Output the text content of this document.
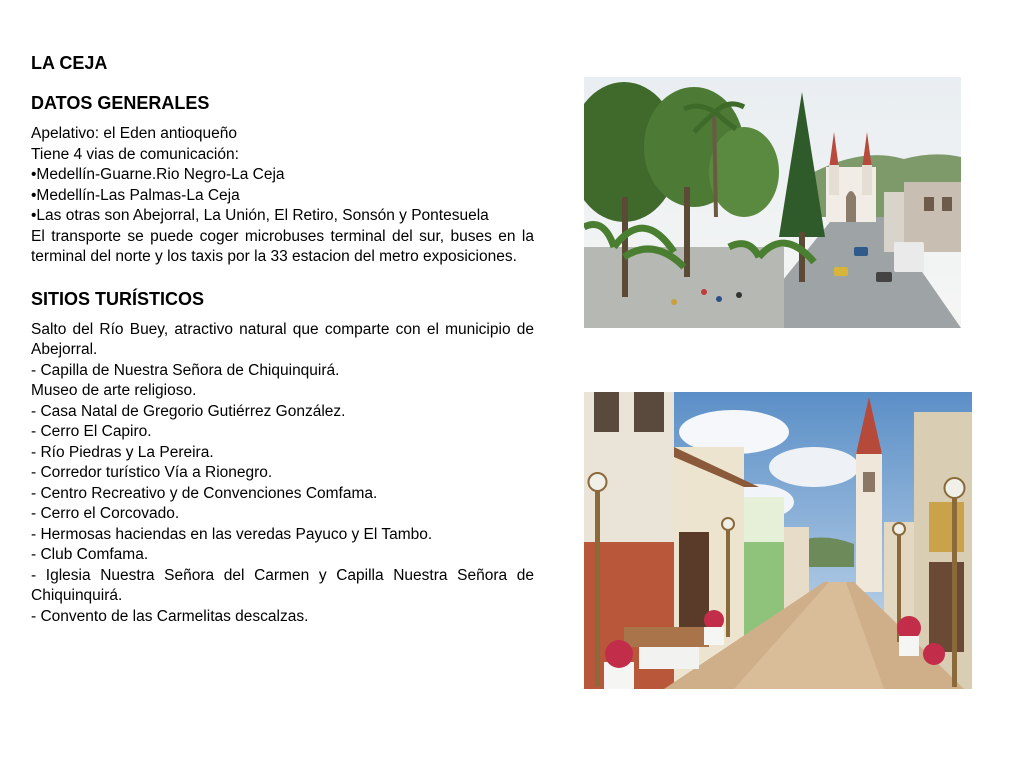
LA CEJA
DATOS GENERALES

Apelativo: el Eden antioqueño

Tiene 4 vias de comunicación:

•Medellín-Guarne.Rio Negro-La Ceja

•Medellín-Las Palmas-La Ceja

•Las otras son Abejorral, La Unión, El Retiro, Sonsón y Pontesuela

El transporte se puede coger microbuses terminal del sur, buses en la terminal del norte y los taxis por la 33 estacion del metro exposiciones.

SITIOS TURÍSTICOS

Salto del Río Buey, atractivo natural que comparte con el municipio de Abejorral.

- Capilla de Nuestra Señora de Chiquinquirá.

Museo de arte religioso.

- Casa Natal de Gregorio Gutiérrez González.

- Cerro El Capiro.

- Río Piedras y La Pereira.

- Corredor turístico Vía a Rionegro.

- Centro Recreativo y de Convenciones Comfama.

- Cerro el Corcovado.

- Hermosas haciendas en las veredas Payuco y El Tambo.

- Club Comfama.

- Iglesia Nuestra Señora del Carmen y Capilla Nuestra Señora de Chiquinquirá.

- Convento de las Carmelitas descalzas.
